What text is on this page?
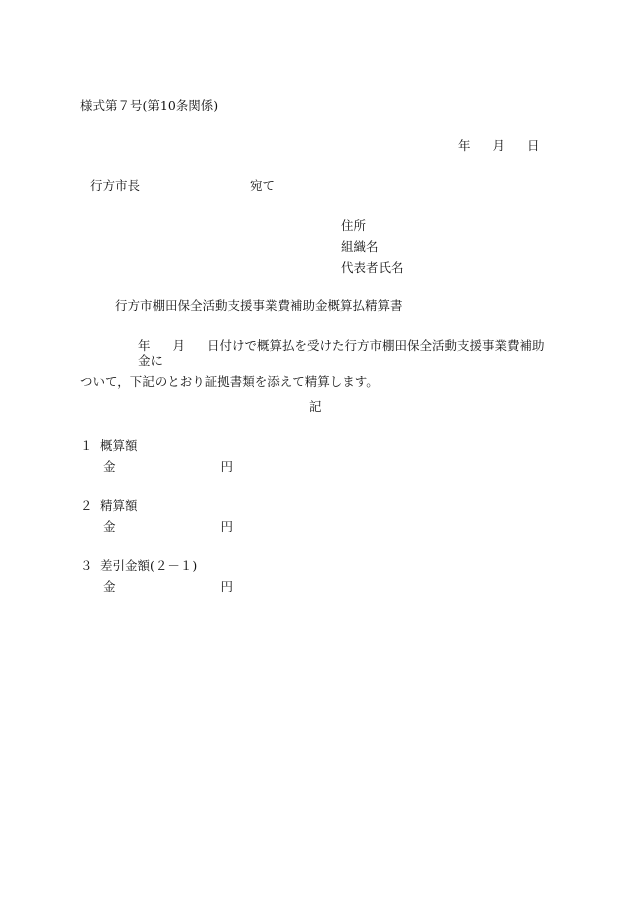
様式第７号(第10条関係)
年 月 日
行方市長	宛て
住所
組織名
代表者氏名
行方市棚田保全活動支援事業費補助金概算払精算書
年 月 日付けで概算払を受けた行方市棚田保全活動支援事業費補助金に
ついて，下記のとおり証拠書類を添えて精算します。
記
１ 概算額
金	円
２ 精算額
金	円
３ 差引金額(２－１)
金	円
